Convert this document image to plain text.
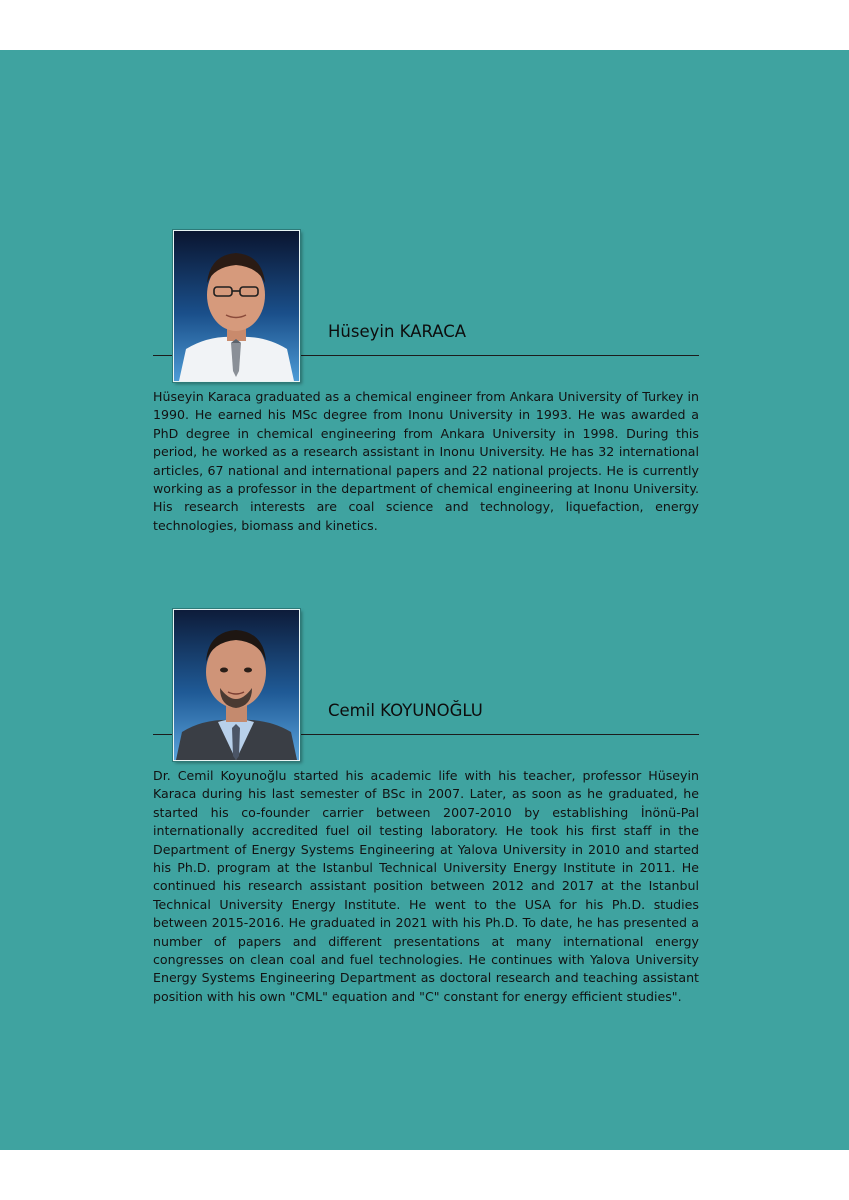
Hüseyin KARACA
Hüseyin Karaca graduated as a chemical engineer from Ankara University of Turkey in 1990. He earned his MSc degree from Inonu University in 1993. He was awarded a PhD degree in chemical engineering from Ankara University in 1998. During this period, he worked as a research assistant in Inonu University. He has 32 international articles, 67 national and international papers and 22 national projects. He is currently working as a professor in the department of chemical engineering at Inonu University. His research interests are coal science and technology, liquefaction, energy technologies, biomass and kinetics.
Cemil KOYUNOĞLU
Dr. Cemil Koyunoğlu started his academic life with his teacher, professor Hüseyin Karaca during his last semester of BSc in 2007. Later, as soon as he graduated, he started his co-founder carrier between 2007-2010 by establishing İnönü-Pal internationally accredited fuel oil testing laboratory. He took his first staff in the Department of Energy Systems Engineering at Yalova University in 2010 and started his Ph.D. program at the Istanbul Technical University Energy Institute in 2011. He continued his research assistant position between 2012 and 2017 at the Istanbul Technical University Energy Institute. He went to the USA for his Ph.D. studies between 2015-2016. He graduated in 2021 with his Ph.D. To date, he has presented a number of papers and different presentations at many international energy congresses on clean coal and fuel technologies. He continues with Yalova University Energy Systems Engineering Department as doctoral research and teaching assistant position with his own "CML" equation and "C" constant for energy efficient studies".
